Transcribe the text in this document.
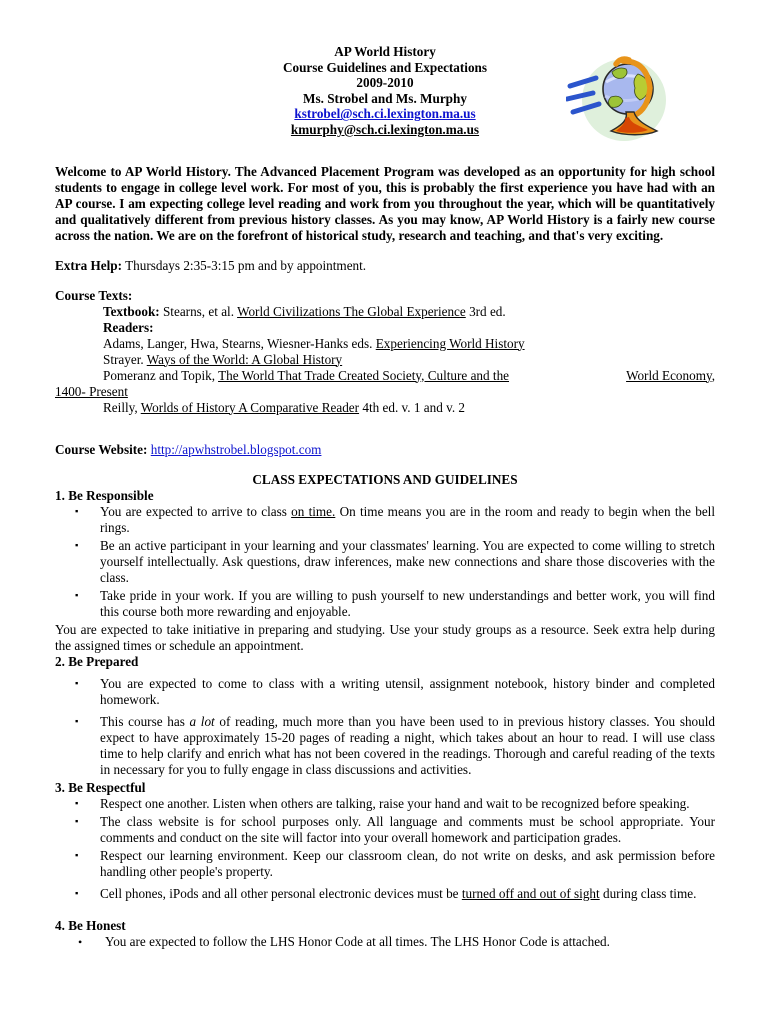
AP World History
Course Guidelines and Expectations
2009-2010
Ms. Strobel and Ms. Murphy
kstrobel@sch.ci.lexington.ma.us
kmurphy@sch.ci.lexington.ma.us

Welcome to AP World History. The Advanced Placement Program was developed as an opportunity for high school students to engage in college level work. For most of you, this is probably the first experience you have had with an AP course. I am expecting college level reading and work from you throughout the year, which will be quantitatively and qualitatively different from previous history classes. As you may know, AP World History is a fairly new course across the nation. We are on the forefront of historical study, research and teaching, and that's very exciting.

Extra Help: Thursdays 2:35-3:15 pm and by appointment.

Course Texts:

Textbook: Stearns, et al. World Civilizations The Global Experience 3rd ed.

Readers:

Adams, Langer, Hwa, Stearns, Wiesner-Hanks eds. Experiencing World History

Strayer. Ways of the World: A Global History

Pomeranz and Topik, The World That Trade Created Society, Culture and the	World Economy,

1400- Present

Reilly, Worlds of History A Comparative Reader 4th ed. v. 1 and v. 2

Course Website: http://apwhstrobel.blogspot.com

CLASS EXPECTATIONS AND GUIDELINES

1. Be Responsible

▪	You are expected to arrive to class on time. On time means you are in the room and ready to begin when the bell rings.
▪	Be an active participant in your learning and your classmates' learning. You are expected to come willing to stretch yourself intellectually. Ask questions, draw inferences, make new connections and share those discoveries with the class.
▪	Take pride in your work. If you are willing to push yourself to new understandings and better work, you will find this course both more rewarding and enjoyable.

You are expected to take initiative in preparing and studying. Use your study groups as a resource. Seek extra help during the assigned times or schedule an appointment.

2. Be Prepared

▪	You are expected to come to class with a writing utensil, assignment notebook, history binder and completed homework.
▪	This course has a lot of reading, much more than you have been used to in previous history classes. You should expect to have approximately 15-20 pages of reading a night, which takes about an hour to read. I will use class time to help clarify and enrich what has not been covered in the readings. Thorough and careful reading of the texts in necessary for you to fully engage in class discussions and activities.

3. Be Respectful

▪	Respect one another. Listen when others are talking, raise your hand and wait to be recognized before speaking.
▪	The class website is for school purposes only. All language and comments must be school appropriate. Your comments and conduct on the site will factor into your overall homework and participation grades.
▪	Respect our learning environment. Keep our classroom clean, do not write on desks, and ask permission before handling other people's property.
▪	Cell phones, iPods and all other personal electronic devices must be turned off and out of sight during class time.

4. Be Honest

•	You are expected to follow the LHS Honor Code at all times. The LHS Honor Code is attached.
